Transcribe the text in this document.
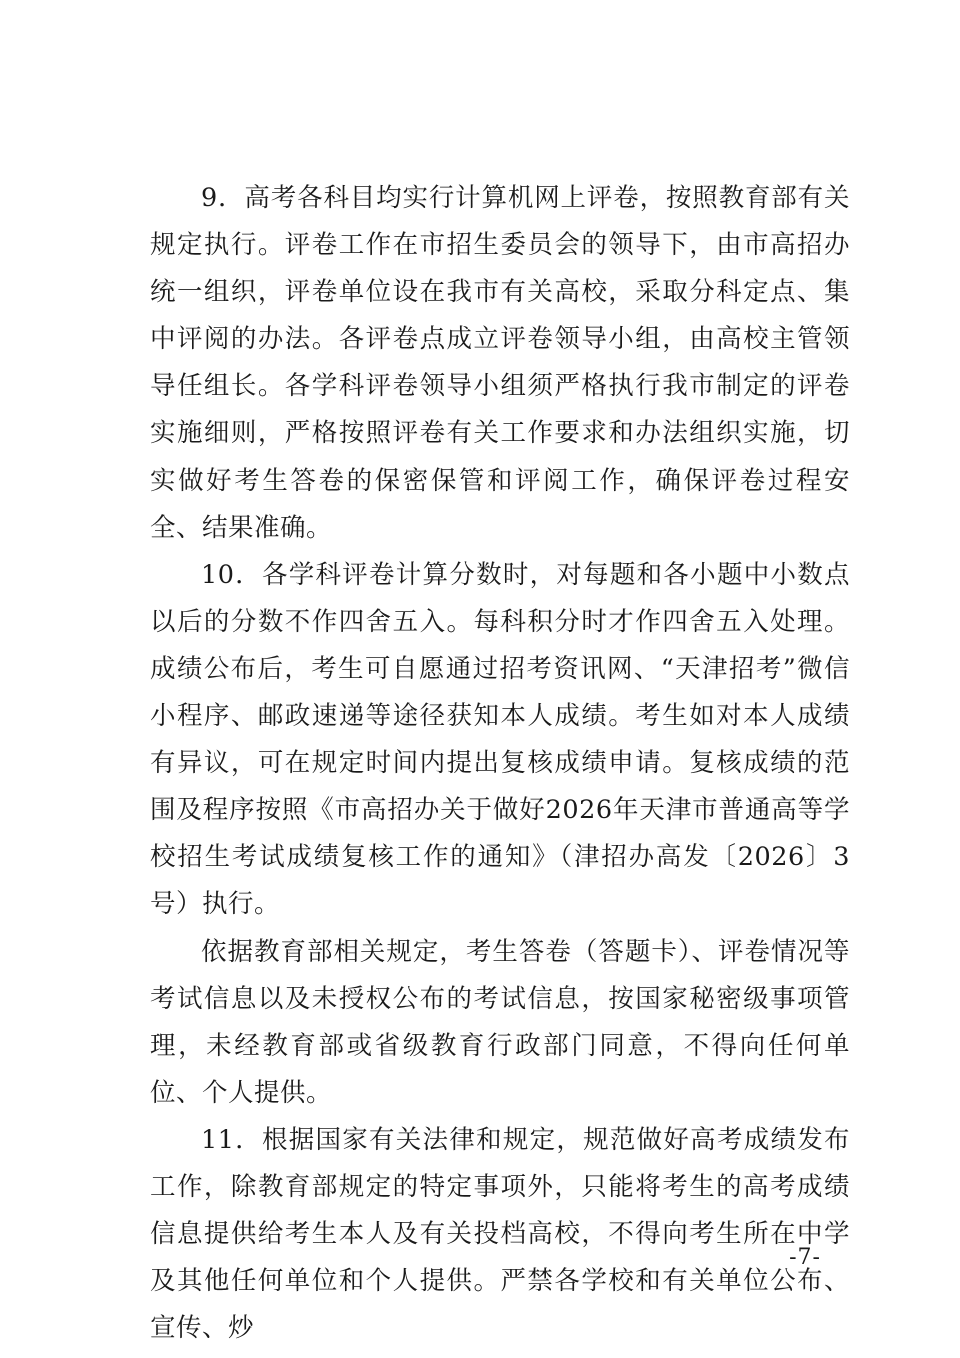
9．高考各科目均实行计算机网上评卷，按照教育部有关规定执行。评卷工作在市招生委员会的领导下，由市高招办统一组织，评卷单位设在我市有关高校，采取分科定点、集中评阅的办法。各评卷点成立评卷领导小组，由高校主管领导任组长。各学科评卷领导小组须严格执行我市制定的评卷实施细则，严格按照评卷有关工作要求和办法组织实施，切实做好考生答卷的保密保管和评阅工作，确保评卷过程安全、结果准确。

10．各学科评卷计算分数时，对每题和各小题中小数点以后的分数不作四舍五入。每科积分时才作四舍五入处理。成绩公布后，考生可自愿通过招考资讯网、“天津招考”微信小程序、邮政速递等途径获知本人成绩。考生如对本人成绩有异议，可在规定时间内提出复核成绩申请。复核成绩的范围及程序按照《市高招办关于做好2026年天津市普通高等学校招生考试成绩复核工作的通知》（津招办高发〔2026〕3号）执行。

依据教育部相关规定，考生答卷（答题卡）、评卷情况等考试信息以及未授权公布的考试信息，按国家秘密级事项管理，未经教育部或省级教育行政部门同意，不得向任何单位、个人提供。

11．根据国家有关法律和规定，规范做好高考成绩发布工作，除教育部规定的特定事项外，只能将考生的高考成绩信息提供给考生本人及有关投档高校，不得向考生所在中学及其他任何单位和个人提供。严禁各学校和有关单位公布、宣传、炒

-7-
